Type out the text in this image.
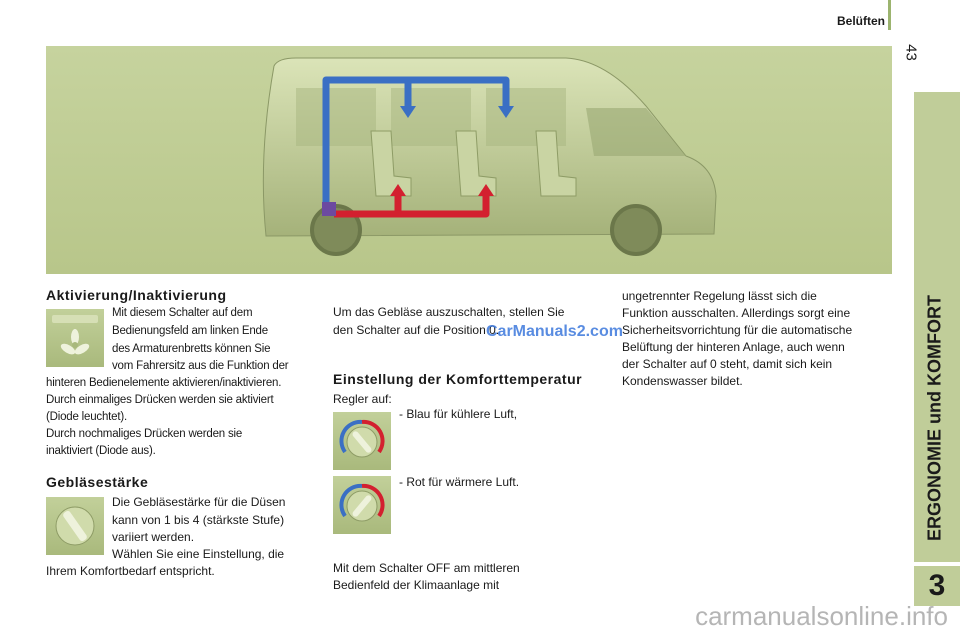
Belüften
43
ERGONOMIE und KOMFORT
3
Aktivierung/Inaktivierung
Mit diesem Schalter auf dem
Bedienungsfeld am linken Ende
des Armaturenbretts können Sie
vom Fahrersitz aus die Funktion der
hinteren Bedienelemente aktivieren/inaktivieren.
Durch einmaliges Drücken werden sie aktiviert
(Diode leuchtet).
Durch nochmaliges Drücken werden sie
inaktiviert (Diode aus).
Gebläsestärke
Die Gebläsestärke für die Düsen
kann von 1 bis 4 (stärkste Stufe)
variiert werden.
Wählen Sie eine Einstellung, die
Ihrem Komfortbedarf entspricht.
Um das Gebläse auszuschalten, stellen Sie
den Schalter auf die Position 0.
CarManuals2.com
Einstellung der Komforttemperatur
Regler auf:
- Blau für kühlere Luft,
- Rot für wärmere Luft.
Mit dem Schalter OFF am mittleren
Bedienfeld der Klimaanlage mit
ungetrennter Regelung lässt sich die
Funktion ausschalten. Allerdings sorgt eine
Sicherheitsvorrichtung für die automatische
Belüftung der hinteren Anlage, auch wenn
der Schalter auf 0 steht, damit sich kein
Kondenswasser bildet.
carmanualsonline.info
